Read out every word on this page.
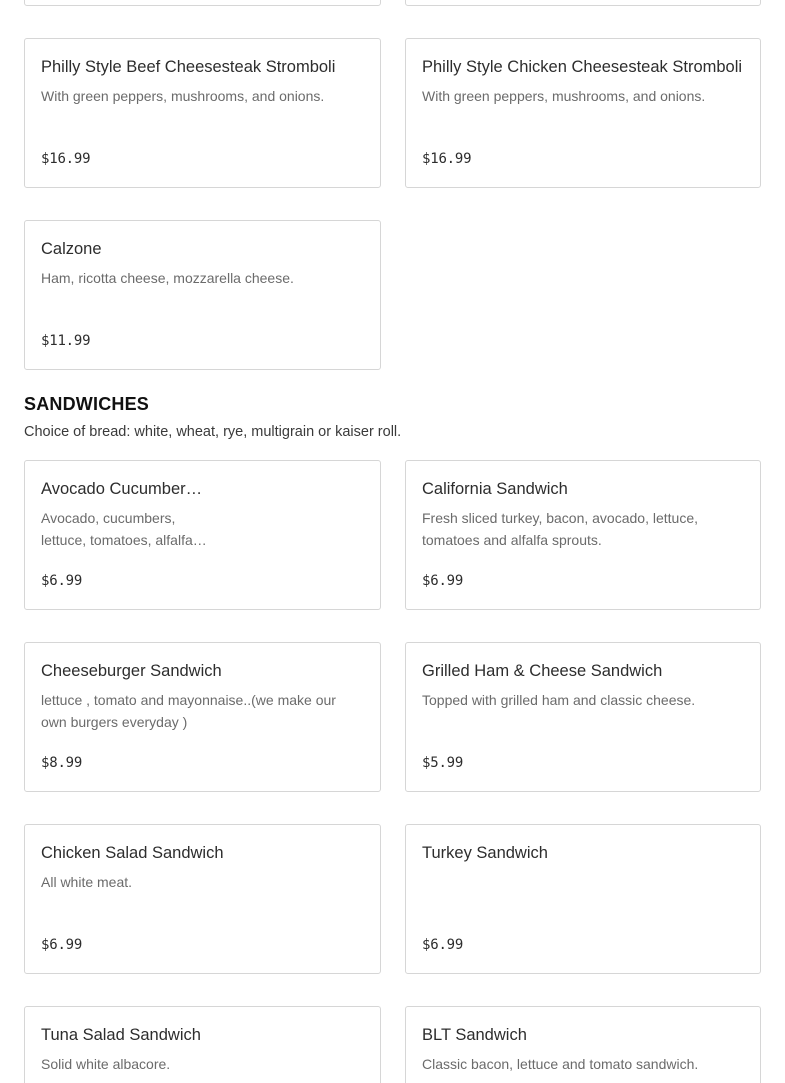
Philly Style Beef Cheesesteak Stromboli
With green peppers, mushrooms, and onions.
$16.99
Philly Style Chicken Cheesesteak Stromboli
With green peppers, mushrooms, and onions.
$16.99
Calzone
Ham, ricotta cheese, mozzarella cheese.
$11.99
SANDWICHES
Choice of bread: white, wheat, rye, multigrain or kaiser roll.
Avocado Cucumber…
Avocado, cucumbers,
lettuce, tomatoes, alfalfa…
$6.99
California Sandwich
Fresh sliced turkey, bacon, avocado, lettuce, tomatoes and alfalfa sprouts.
$6.99
Cheeseburger Sandwich
lettuce , tomato and mayonnaise..(we make our own burgers everyday )
$8.99
Grilled Ham & Cheese Sandwich
Topped with grilled ham and classic cheese.
$5.99
Chicken Salad Sandwich
All white meat.
$6.99
Turkey Sandwich
$6.99
Tuna Salad Sandwich
Solid white albacore.
BLT Sandwich
Classic bacon, lettuce and tomato sandwich.
